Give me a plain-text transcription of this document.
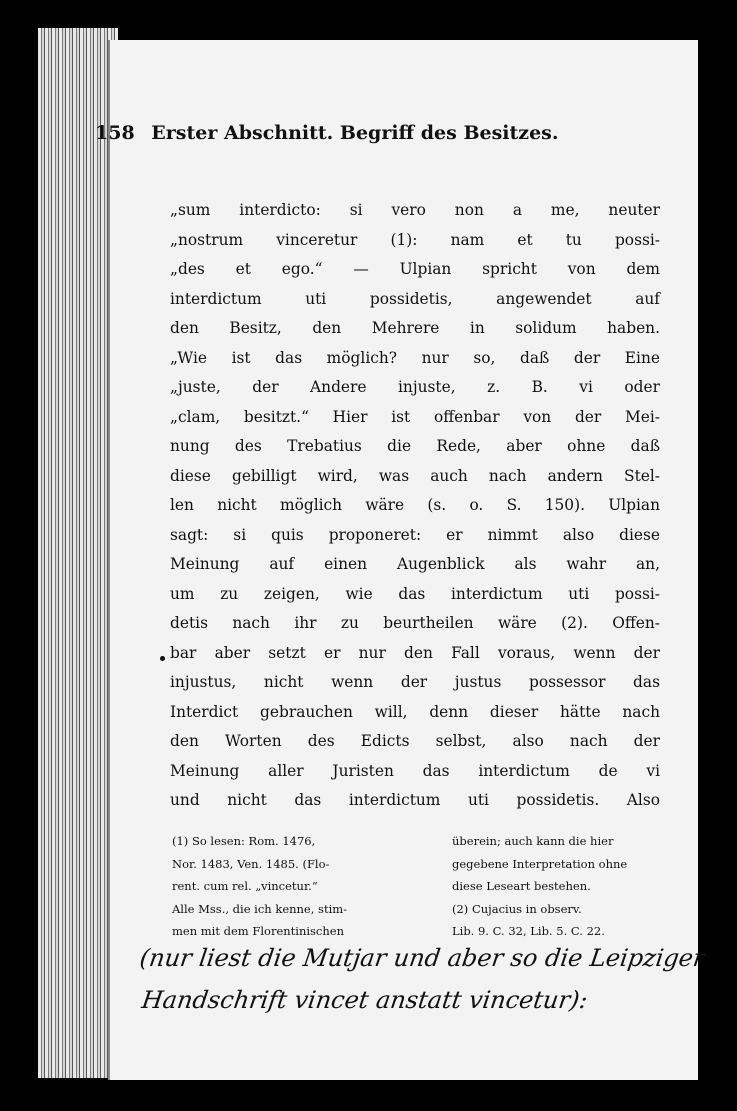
158 Erster Abschnitt. Begriff des Besitzes.
„sum interdicto: si vero non a me, neuter
„nostrum vinceretur (1): nam et tu possi-
„des et ego.“ — Ulpian spricht von dem
interdictum uti possidetis, angewendet auf
den Besitz, den Mehrere in solidum haben.
„Wie ist das möglich? nur so, daß der Eine
„juste, der Andere injuste, z. B. vi oder
„clam, besitzt.“ Hier ist offenbar von der Mei-
nung des Trebatius die Rede, aber ohne daß
diese gebilligt wird, was auch nach andern Stel-
len nicht möglich wäre (s. o. S. 150). Ulpian
sagt: si quis proponeret: er nimmt also diese
Meinung auf einen Augenblick als wahr an,
um zu zeigen, wie das interdictum uti possi-
detis nach ihr zu beurtheilen wäre (2). Offen-
bar aber setzt er nur den Fall voraus, wenn der
injustus, nicht wenn der justus possessor das
Interdict gebrauchen will, denn dieser hätte nach
den Worten des Edicts selbst, also nach der
Meinung aller Juristen das interdictum de vi
und nicht das interdictum uti possidetis. Also
(1) So lesen: Rom. 1476,
Nor. 1483, Ven. 1485. (Flo-
rent. cum rel. „vincetur.“
Alle Mss., die ich kenne, stim-
men mit dem Florentinischen
überein; auch kann die hier
gegebene Interpretation ohne
diese Leseart bestehen.
(2) Cujacius in observ.
Lib. 9. C. 32, Lib. 5. C. 22.
(nur liest die Mutjar und aber so die Leipziger
Handschrift vincet anstatt vincetur):
